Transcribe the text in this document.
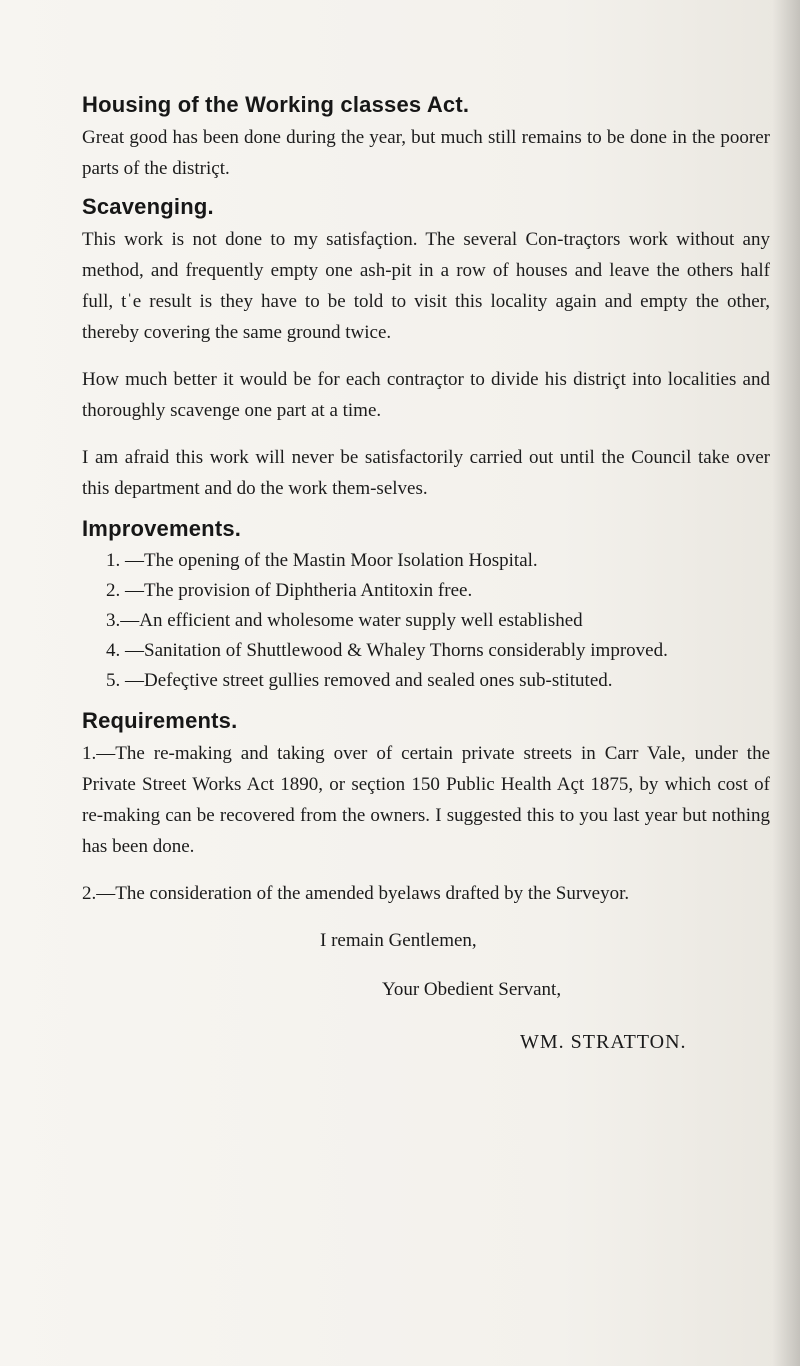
Housing of the Working classes Act.

Great good has been done during the year, but much still remains to be done in the poorer parts of the distriçt.

Scavenging.

This work is not done to my satisfaçtion. The several Con-traçtors work without any method, and frequently empty one ash-pit in a row of houses and leave the others half full, tˈe result is they have to be told to visit this locality again and empty the other, thereby covering the same ground twice.

How much better it would be for each contraçtor to divide his distriçt into localities and thoroughly scavenge one part at a time.

I am afraid this work will never be satisfactorily carried out until the Council take over this department and do the work them-selves.

Improvements.

1. —The opening of the Mastin Moor Isolation Hospital.

2. —The provision of Diphtheria Antitoxin free.

3.—An efficient and wholesome water supply well established

4. —Sanitation of Shuttlewood & Whaley Thorns considerably improved.

5. —Defeçtive street gullies removed and sealed ones sub-stituted.

Requirements.

1.—The re-making and taking over of certain private streets in Carr Vale, under the Private Street Works Act 1890, or seçtion 150 Public Health Açt 1875, by which cost of re-making can be recovered from the owners. I suggested this to you last year but nothing has been done.

2.—The consideration of the amended byelaws drafted by the Surveyor.

I remain Gentlemen,

Your Obedient Servant,

WM. STRATTON.
